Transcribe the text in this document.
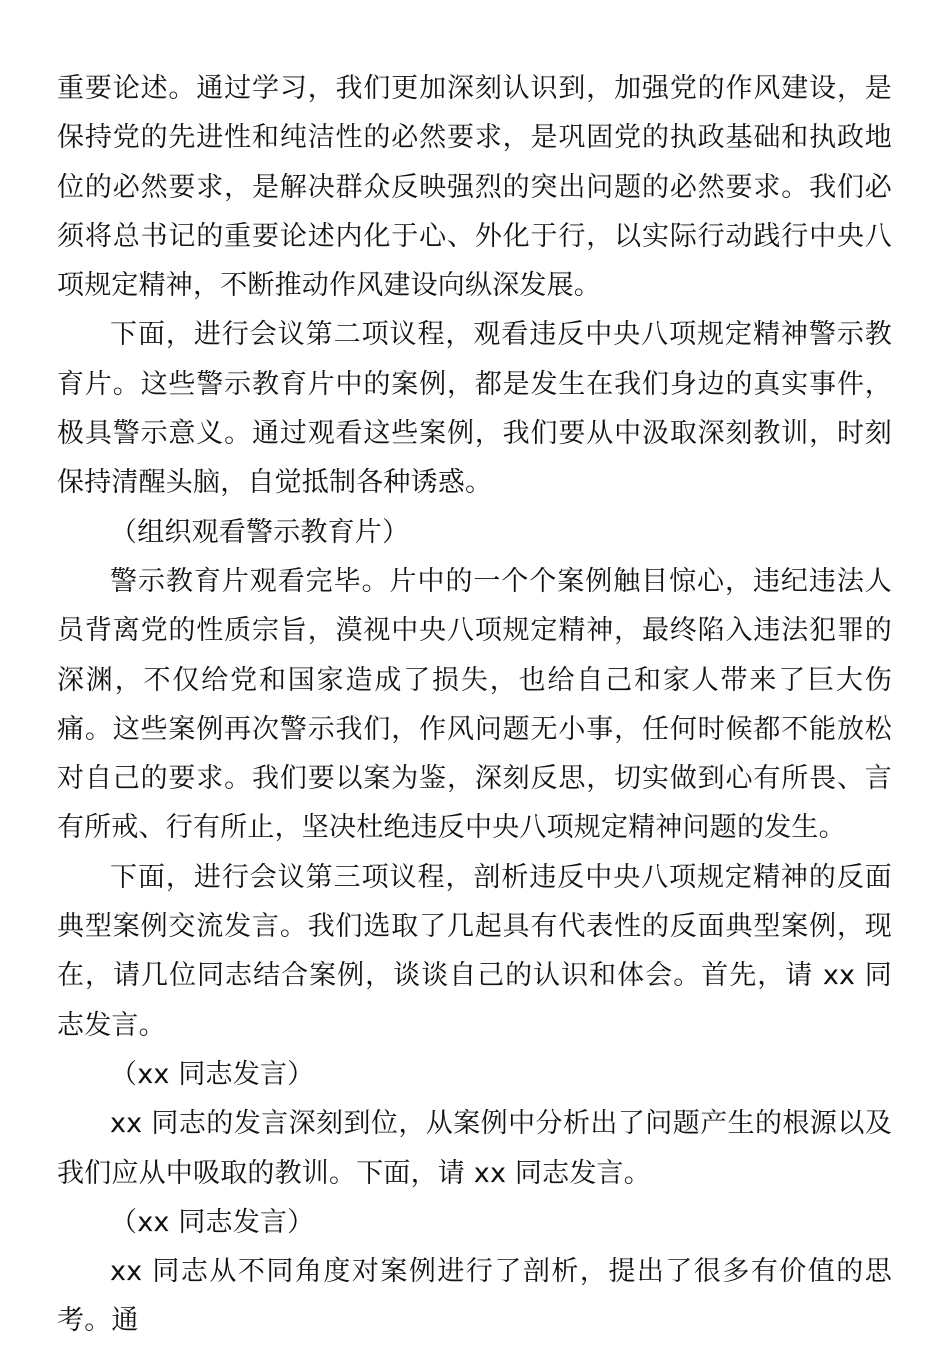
重要论述。通过学习，我们更加深刻认识到，加强党的作风建设，是保持党的先进性和纯洁性的必然要求，是巩固党的执政基础和执政地位的必然要求，是解决群众反映强烈的突出问题的必然要求。我们必须将总书记的重要论述内化于心、外化于行，以实际行动践行中央八项规定精神，不断推动作风建设向纵深发展。

下面，进行会议第二项议程，观看违反中央八项规定精神警示教育片。这些警示教育片中的案例，都是发生在我们身边的真实事件，极具警示意义。通过观看这些案例，我们要从中汲取深刻教训，时刻保持清醒头脑，自觉抵制各种诱惑。

（组织观看警示教育片）

警示教育片观看完毕。片中的一个个案例触目惊心，违纪违法人员背离党的性质宗旨，漠视中央八项规定精神，最终陷入违法犯罪的深渊，不仅给党和国家造成了损失，也给自己和家人带来了巨大伤痛。这些案例再次警示我们，作风问题无小事，任何时候都不能放松对自己的要求。我们要以案为鉴，深刻反思，切实做到心有所畏、言有所戒、行有所止，坚决杜绝违反中央八项规定精神问题的发生。

下面，进行会议第三项议程，剖析违反中央八项规定精神的反面典型案例交流发言。我们选取了几起具有代表性的反面典型案例，现在，请几位同志结合案例，谈谈自己的认识和体会。首先，请 xx 同志发言。

（xx 同志发言）

xx 同志的发言深刻到位，从案例中分析出了问题产生的根源以及我们应从中吸取的教训。下面，请 xx 同志发言。

（xx 同志发言）

xx 同志从不同角度对案例进行了剖析，提出了很多有价值的思考。通
